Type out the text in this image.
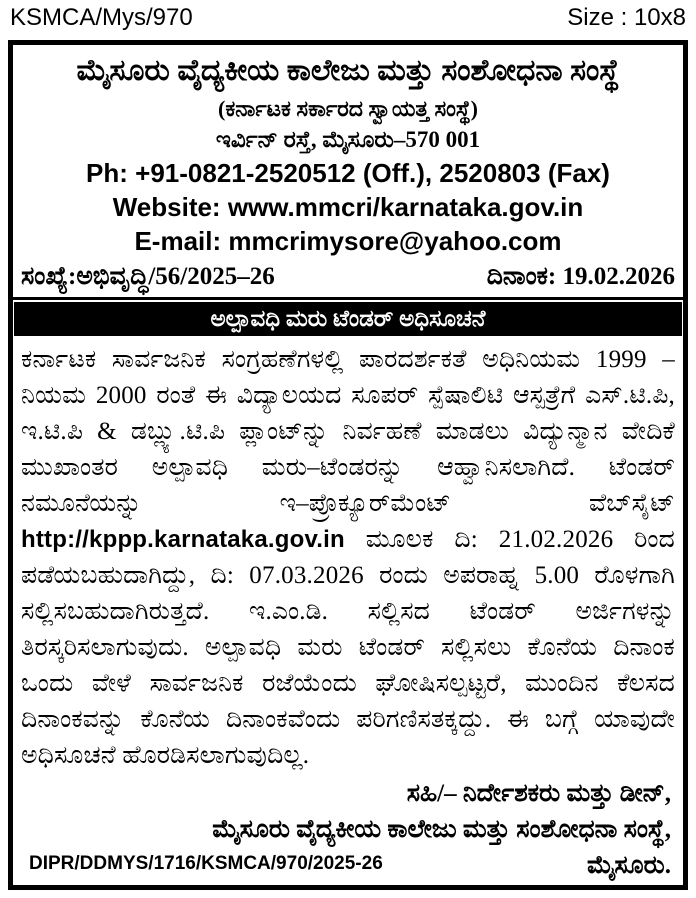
KSMCA/Mys/970	Size : 10x8
ಮೈಸೂರು ವೈದ್ಯಕೀಯ ಕಾಲೇಜು ಮತ್ತು ಸಂಶೋಧನಾ ಸಂಸ್ಥೆ
(ಕರ್ನಾಟಕ ಸರ್ಕಾರದ ಸ್ವಾಯತ್ತ ಸಂಸ್ಥೆ)
ಇರ್ವಿನ್ ರಸ್ತೆ, ಮೈಸೂರು–570 001
Ph: +91-0821-2520512 (Off.), 2520803 (Fax)
Website: www.mmcri/karnataka.gov.in
E-mail: mmcrimysore@yahoo.com
ಸಂಖ್ಯೆ:ಅಭಿವೃದ್ಧಿ/56/2025–26	ದಿನಾಂಕ: 19.02.2026
ಅಲ್ಪಾವಧಿ ಮರು ಟೆಂಡರ್ ಅಧಿಸೂಚನೆ
ಕರ್ನಾಟಕ ಸಾರ್ವಜನಿಕ ಸಂಗ್ರಹಣೆಗಳಲ್ಲಿ ಪಾರದರ್ಶಕತೆ ಅಧಿನಿಯಮ 1999 – ನಿಯಮ 2000 ರಂತೆ ಈ ವಿದ್ಯಾಲಯದ ಸೂಪರ್ ಸ್ಪೆಷಾಲಿಟಿ ಆಸ್ಪತ್ರೆಗೆ ಎಸ್.ಟಿ.ಪಿ, ಇ.ಟಿ.ಪಿ & ಡಬ್ಲ್ಯು.ಟಿ.ಪಿ ಪ್ಲಾಂಟ್‌ನ್ನು ನಿರ್ವಹಣೆ ಮಾಡಲು ವಿದ್ಯುನ್ಮಾನ ವೇದಿಕೆ ಮುಖಾಂತರ ಅಲ್ಪಾವಧಿ ಮರು–ಟೆಂಡರನ್ನು ಆಹ್ವಾನಿಸಲಾಗಿದೆ. ಟೆಂಡರ್ ನಮೂನೆಯನ್ನು ಇ–ಪ್ರೊಕ್ಯೂರ್‌ಮೆಂಟ್ ವೆಬ್‌ಸೈಟ್ http://kppp.karnataka.gov.in ಮೂಲಕ ದಿ: 21.02.2026 ರಿಂದ ಪಡೆಯಬಹುದಾಗಿದ್ದು, ದಿ: 07.03.2026 ರಂದು ಅಪರಾಹ್ನ 5.00 ರೊಳಗಾಗಿ ಸಲ್ಲಿಸಬಹುದಾಗಿರುತ್ತದೆ. ಇ.ಎಂ.ಡಿ. ಸಲ್ಲಿಸದ ಟೆಂಡರ್ ಅರ್ಜಿಗಳನ್ನು ತಿರಸ್ಕರಿಸಲಾಗುವುದು. ಅಲ್ಪಾವಧಿ ಮರು ಟೆಂಡರ್ ಸಲ್ಲಿಸಲು ಕೊನೆಯ ದಿನಾಂಕ ಒಂದು ವೇಳೆ ಸಾರ್ವಜನಿಕ ರಜೆಯೆಂದು ಘೋಷಿಸಲ್ಪಟ್ಟರೆ, ಮುಂದಿನ ಕೆಲಸದ ದಿನಾಂಕವನ್ನು ಕೊನೆಯ ದಿನಾಂಕವೆಂದು ಪರಿಗಣಿಸತಕ್ಕದ್ದು. ಈ ಬಗ್ಗೆ ಯಾವುದೇ ಅಧಿಸೂಚನೆ ಹೊರಡಿಸಲಾಗುವುದಿಲ್ಲ.
ಸಹಿ/– ನಿರ್ದೇಶಕರು ಮತ್ತು ಡೀನ್,
ಮೈಸೂರು ವೈದ್ಯಕೀಯ ಕಾಲೇಜು ಮತ್ತು ಸಂಶೋಧನಾ ಸಂಸ್ಥೆ,
ಮೈಸೂರು.
DIPR/DDMYS/1716/KSMCA/970/2025-26
